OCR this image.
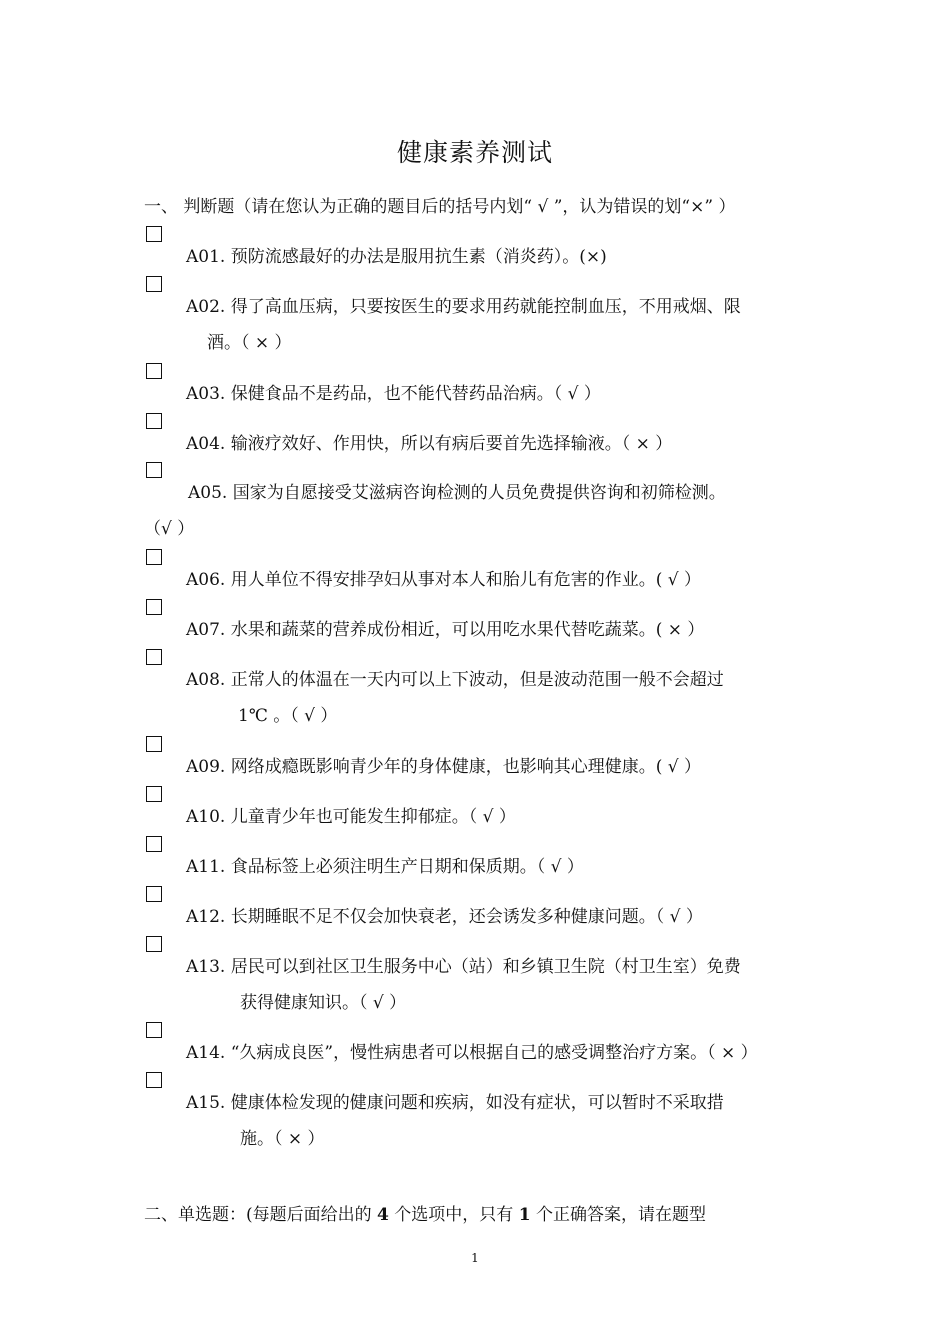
健康素养测试
一、 判断题（请在您认为正确的题目后的括号内划“ √ ”，认为错误的划“×” ）
A01. 预防流感最好的办法是服用抗生素（消炎药）。(×)
A02. 得了高血压病，只要按医生的要求用药就能控制血压，不用戒烟、限
酒。（ × ）
A03. 保健食品不是药品，也不能代替药品治病。（ √ ）
A04. 输液疗效好、作用快，所以有病后要首先选择输液。（ × ）
A05. 国家为自愿接受艾滋病咨询检测的人员免费提供咨询和初筛检测。
（√ ）
A06. 用人单位不得安排孕妇从事对本人和胎儿有危害的作业。( √ ）
A07. 水果和蔬菜的营养成份相近，可以用吃水果代替吃蔬菜。( × ）
A08. 正常人的体温在一天内可以上下波动，但是波动范围一般不会超过
1℃ 。（ √ ）
A09. 网络成瘾既影响青少年的身体健康，也影响其心理健康。( √ ）
A10. 儿童青少年也可能发生抑郁症。（ √ ）
A11. 食品标签上必须注明生产日期和保质期。（ √ ）
A12. 长期睡眠不足不仅会加快衰老，还会诱发多种健康问题。（ √ ）
A13. 居民可以到社区卫生服务中心（站）和乡镇卫生院（村卫生室）免费
获得健康知识。（ √ ）
A14. “久病成良医”，慢性病患者可以根据自己的感受调整治疗方案。（ × ）
A15. 健康体检发现的健康问题和疾病，如没有症状，可以暂时不采取措
施。（ × ）
二、单选题：(每题后面给出的 4 个选项中，只有 1 个正确答案，请在题型
1
